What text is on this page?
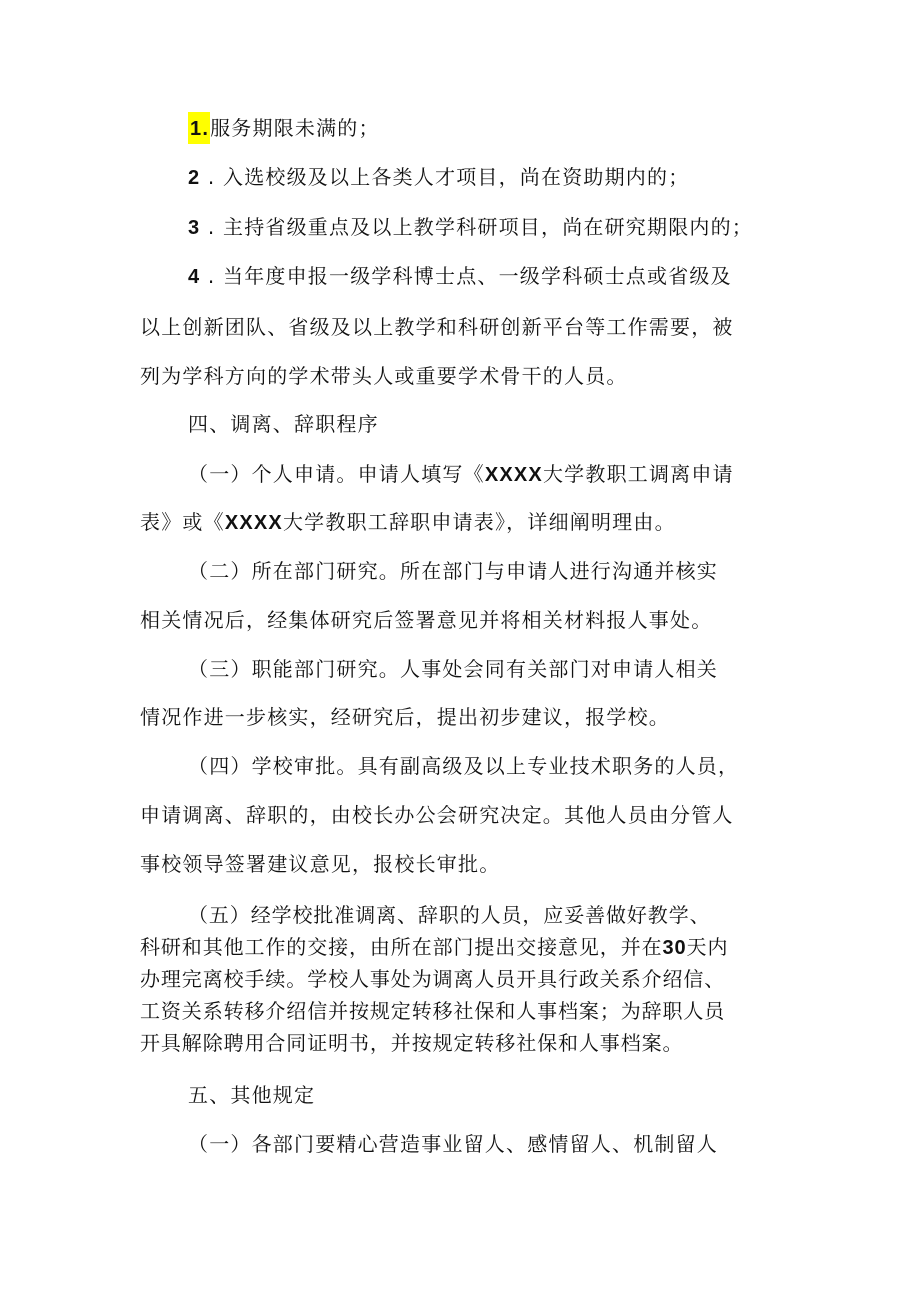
1.服务期限未满的；
2 . 入选校级及以上各类人才项目，尚在资助期内的；
3 . 主持省级重点及以上教学科研项目，尚在研究期限内的；
4 . 当年度申报一级学科博士点、一级学科硕士点或省级及
以上创新团队、省级及以上教学和科研创新平台等工作需要，被
列为学科方向的学术带头人或重要学术骨干的人员。
四、调离、辞职程序
（一）个人申请。申请人填写《XXXX大学教职工调离申请
表》或《XXXX大学教职工辞职申请表》，详细阐明理由。
（二）所在部门研究。所在部门与申请人进行沟通并核实
相关情况后，经集体研究后签署意见并将相关材料报人事处。
（三）职能部门研究。人事处会同有关部门对申请人相关
情况作进一步核实，经研究后，提出初步建议，报学校。
（四）学校审批。具有副高级及以上专业技术职务的人员，
申请调离、辞职的，由校长办公会研究决定。其他人员由分管人
事校领导签署建议意见，报校长审批。
（五）经学校批准调离、辞职的人员，应妥善做好教学、
科研和其他工作的交接，由所在部门提出交接意见，并在30天内
办理完离校手续。学校人事处为调离人员开具行政关系介绍信、
工资关系转移介绍信并按规定转移社保和人事档案；为辞职人员
开具解除聘用合同证明书，并按规定转移社保和人事档案。
五、其他规定
（一）各部门要精心营造事业留人、感情留人、机制留人
